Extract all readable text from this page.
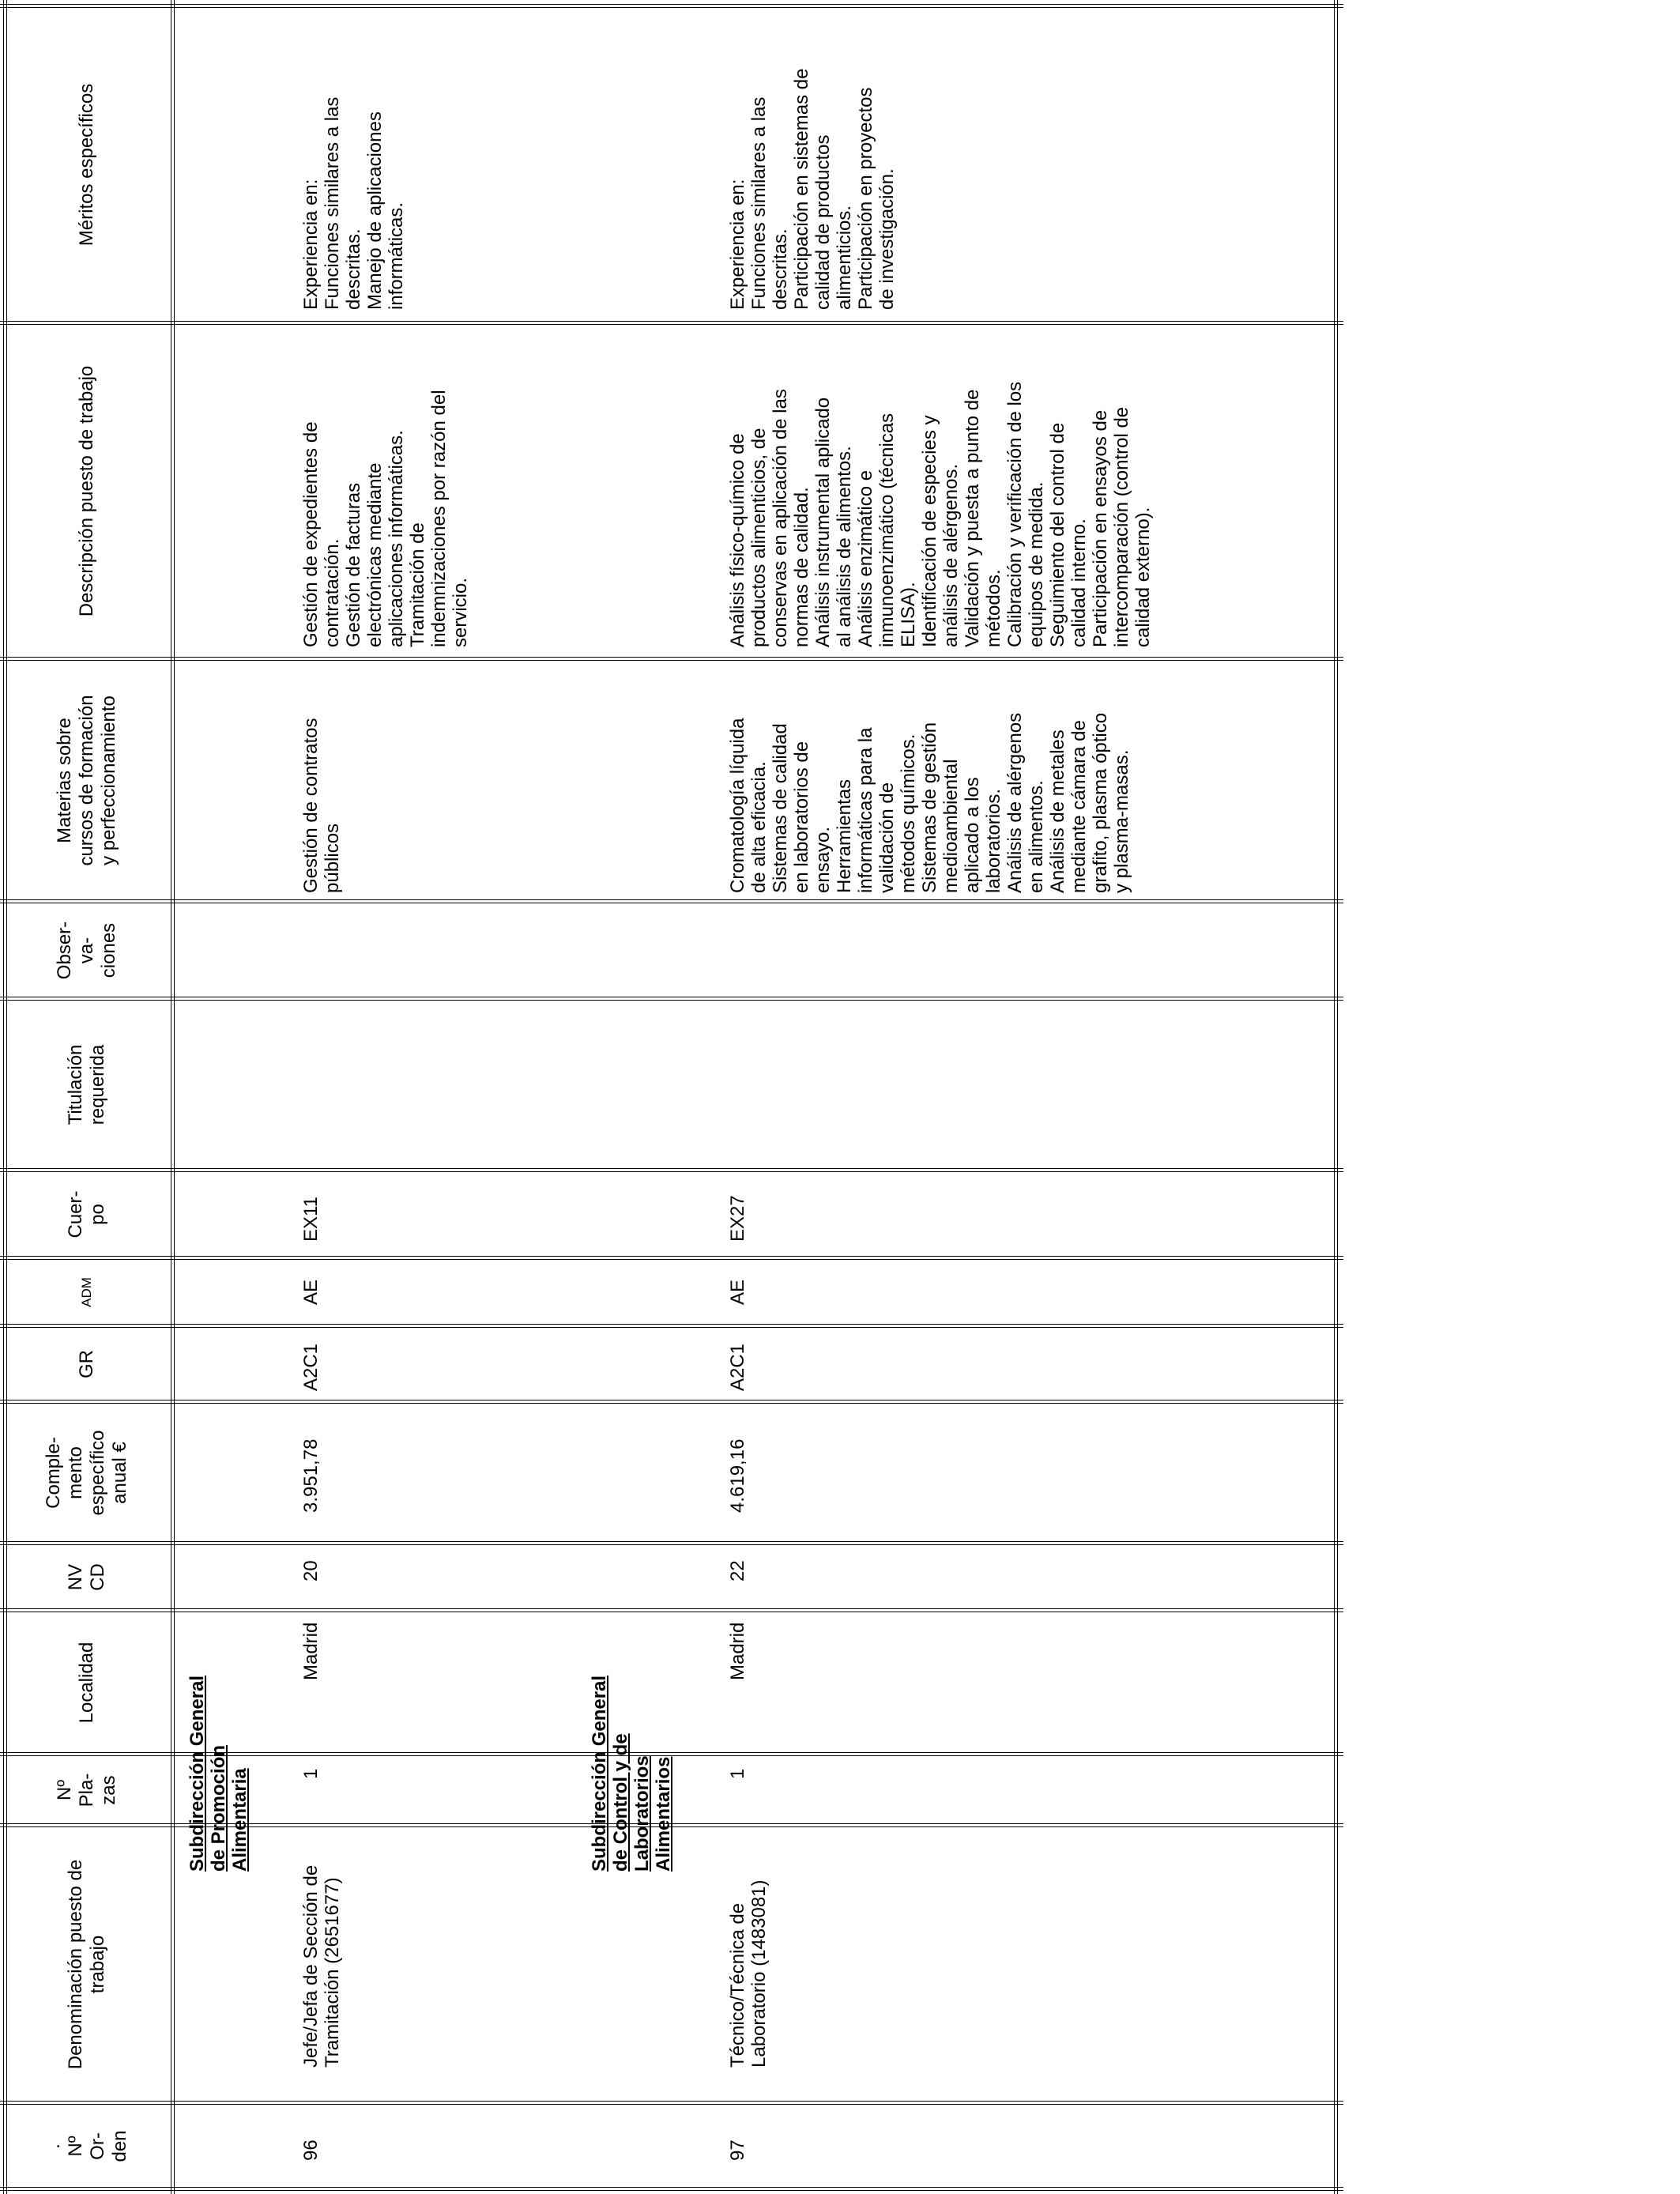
.
Nº
Or-
den
Denominación puesto de
trabajo
Nº
Pla-
zas
Localidad
NV
CD
Comple-
mento
específico
anual €
GR
ADM
Cuer-
po
Titulación
requerida
Obser-
va-
ciones
Materias sobre
cursos de formación
y perfeccionamiento
Descripción puesto de trabajo
Méritos específicos
Subdirección General
de Promoción
Alimentaria
96
Jefe/Jefa de Sección de
Tramitación (2651677)
1
Madrid
20
3.951,78
A2C1
AE
EX11
Gestión de contratos
públicos
Gestión de expedientes de
contratación. Gestión de facturas
electrónicas mediante
aplicaciones informáticas.
Tramitación de
indemnizaciones por razón del
servicio.
Experiencia en: Funciones similares a las
descritas. Manejo de aplicaciones
informáticas.
Subdirección General
de Control y de
Laboratorios
Alimentarios
97
Técnico/Técnica de
Laboratorio (1483081)
1
Madrid
22
4.619,16
A2C1
AE
EX27
Cromatología líquida
de alta eficacia.
Sistemas de calidad
en laboratorios de
ensayo. Herramientas
informáticas para la
validación de
métodos químicos.
Sistemas de gestión
medioambiental
aplicado a los
laboratorios. Análisis de alérgenos
en alimentos. Análisis de metales
mediante cámara de
grafito, plasma óptico
y plasma-masas.
Análisis físico-químico de
productos alimenticios, de
conservas en aplicación de las
normas de calidad.
Análisis instrumental aplicado
al análisis de alimentos.
Análisis enzimático e
inmunoenzimático (técnicas
ELISA). Identificación de especies y
análisis de alérgenos.
Validación y puesta a punto de
métodos. Calibración y verificación de los
equipos de medida.
Seguimiento del control de
calidad interno. Participación en ensayos de
intercomparación (control de
calidad externo).
Experiencia en: Funciones similares a las
descritas. Participación en sistemas de
calidad de productos
alimenticios. Participación en proyectos
de investigación.
